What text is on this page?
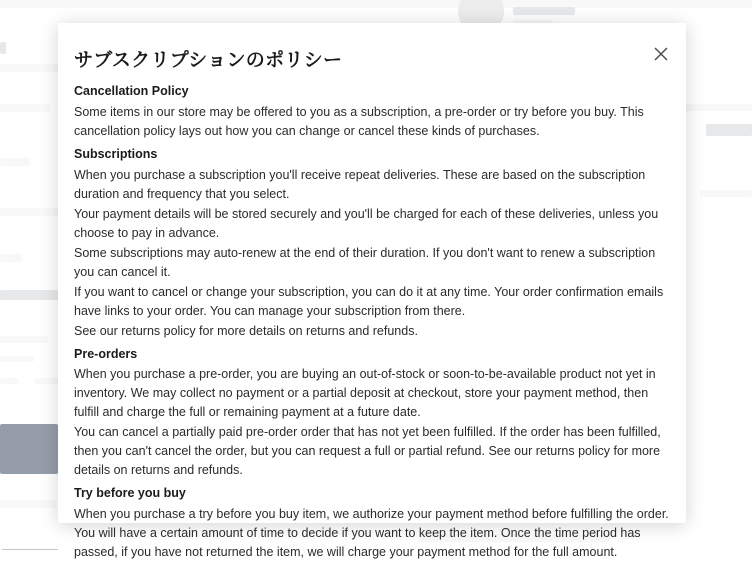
サブスクリプションのポリシー

Cancellation Policy

Some items in our store may be offered to you as a subscription, a pre-order or try before you buy. This cancellation policy lays out how you can change or cancel these kinds of purchases.

Subscriptions

When you purchase a subscription you'll receive repeat deliveries. These are based on the subscription duration and frequency that you select.

Your payment details will be stored securely and you'll be charged for each of these deliveries, unless you choose to pay in advance.

Some subscriptions may auto-renew at the end of their duration. If you don't want to renew a subscription you can cancel it.

If you want to cancel or change your subscription, you can do it at any time. Your order confirmation emails have links to your order. You can manage your subscription from there.

See our returns policy for more details on returns and refunds.

Pre-orders

When you purchase a pre-order, you are buying an out-of-stock or soon-to-be-available product not yet in inventory. We may collect no payment or a partial deposit at checkout, store your payment method, then fulfill and charge the full or remaining payment at a future date.

You can cancel a partially paid pre-order order that has not yet been fulfilled. If the order has been fulfilled, then you can't cancel the order, but you can request a full or partial refund. See our returns policy for more details on returns and refunds.

Try before you buy

When you purchase a try before you buy item, we authorize your payment method before fulfilling the order. You will have a certain amount of time to decide if you want to keep the item. Once the time period has passed, if you have not returned the item, we will charge your payment method for the full amount.
